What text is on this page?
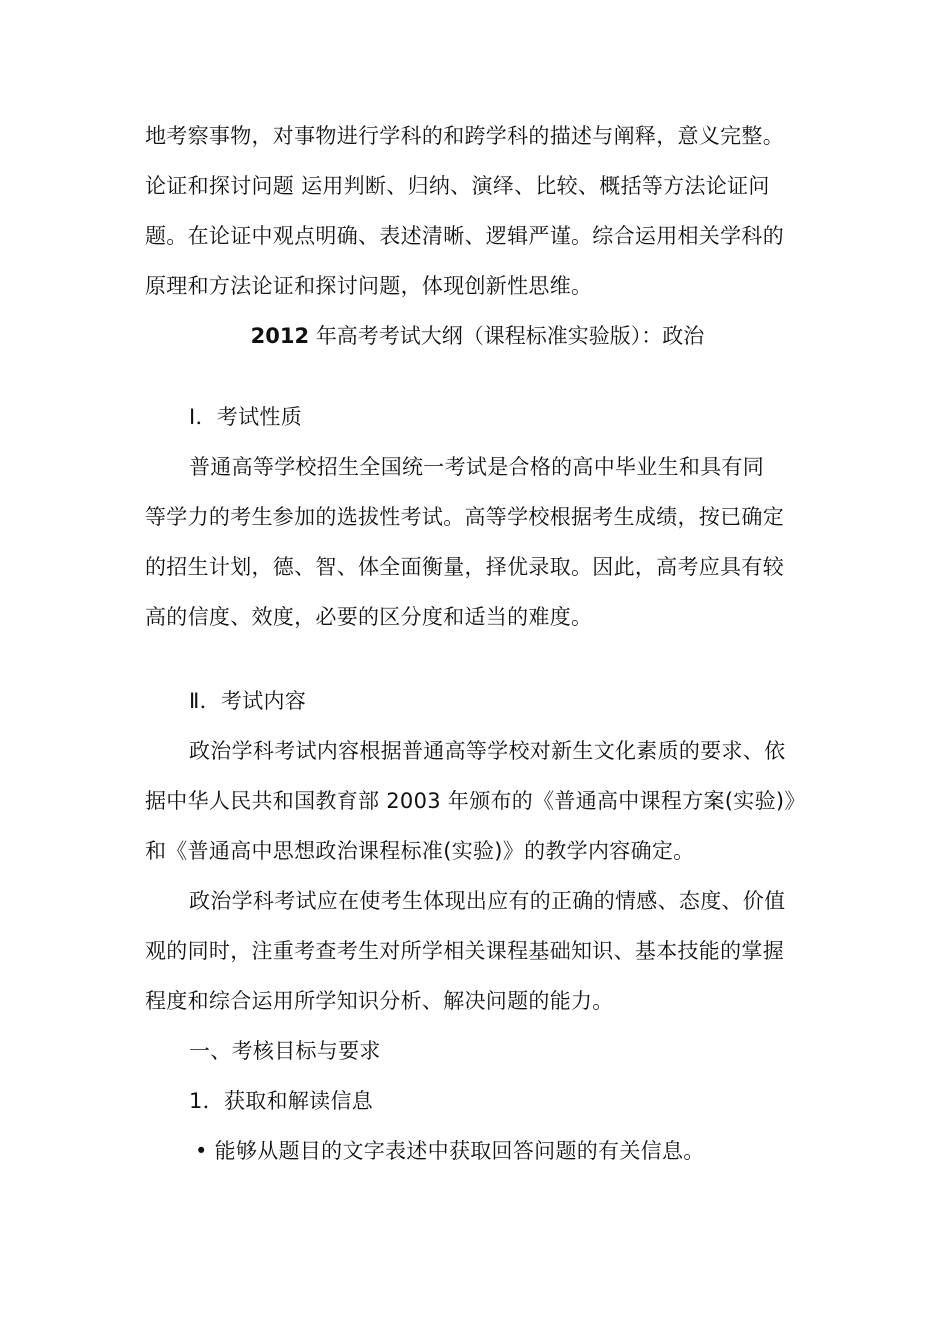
地考察事物，对事物进行学科的和跨学科的描述与阐释，意义完整。

论证和探讨问题 运用判断、归纳、演绎、比较、概括等方法论证问

题。在论证中观点明确、表述清晰、逻辑严谨。综合运用相关学科的

原理和方法论证和探讨问题，体现创新性思维。

2012 年高考考试大纲（课程标准实验版）：政治

Ⅰ．考试性质

普通高等学校招生全国统一考试是合格的高中毕业生和具有同

等学力的考生参加的选拔性考试。高等学校根据考生成绩，按已确定

的招生计划，德、智、体全面衡量，择优录取。因此，高考应具有较

高的信度、效度，必要的区分度和适当的难度。

Ⅱ．考试内容

政治学科考试内容根据普通高等学校对新生文化素质的要求、依

据中华人民共和国教育部 2003 年颁布的《普通高中课程方案(实验)》

和《普通高中思想政治课程标准(实验)》的教学内容确定。

政治学科考试应在使考生体现出应有的正确的情感、态度、价值

观的同时，注重考查考生对所学相关课程基础知识、基本技能的掌握

程度和综合运用所学知识分析、解决问题的能力。

一、考核目标与要求

1．获取和解读信息

• 能够从题目的文字表述中获取回答问题的有关信息。
